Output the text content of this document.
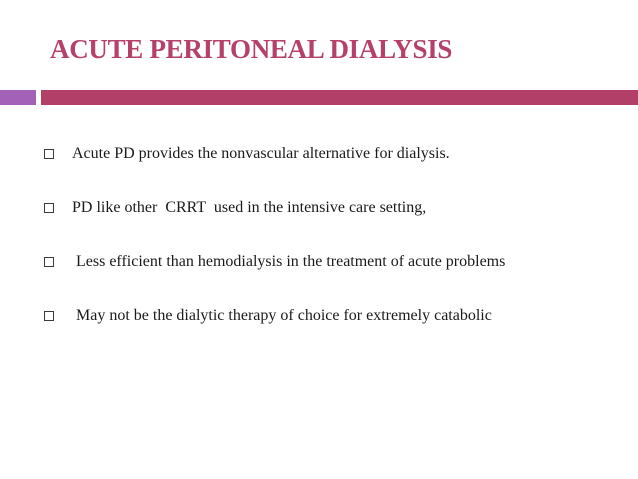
ACUTE PERITONEAL DIALYSIS
Acute PD provides the nonvascular alternative for dialysis.
PD like other  CRRT  used in the intensive care setting,
Less efficient than hemodialysis in the treatment of acute problems
May not be the dialytic therapy of choice for extremely catabolic
